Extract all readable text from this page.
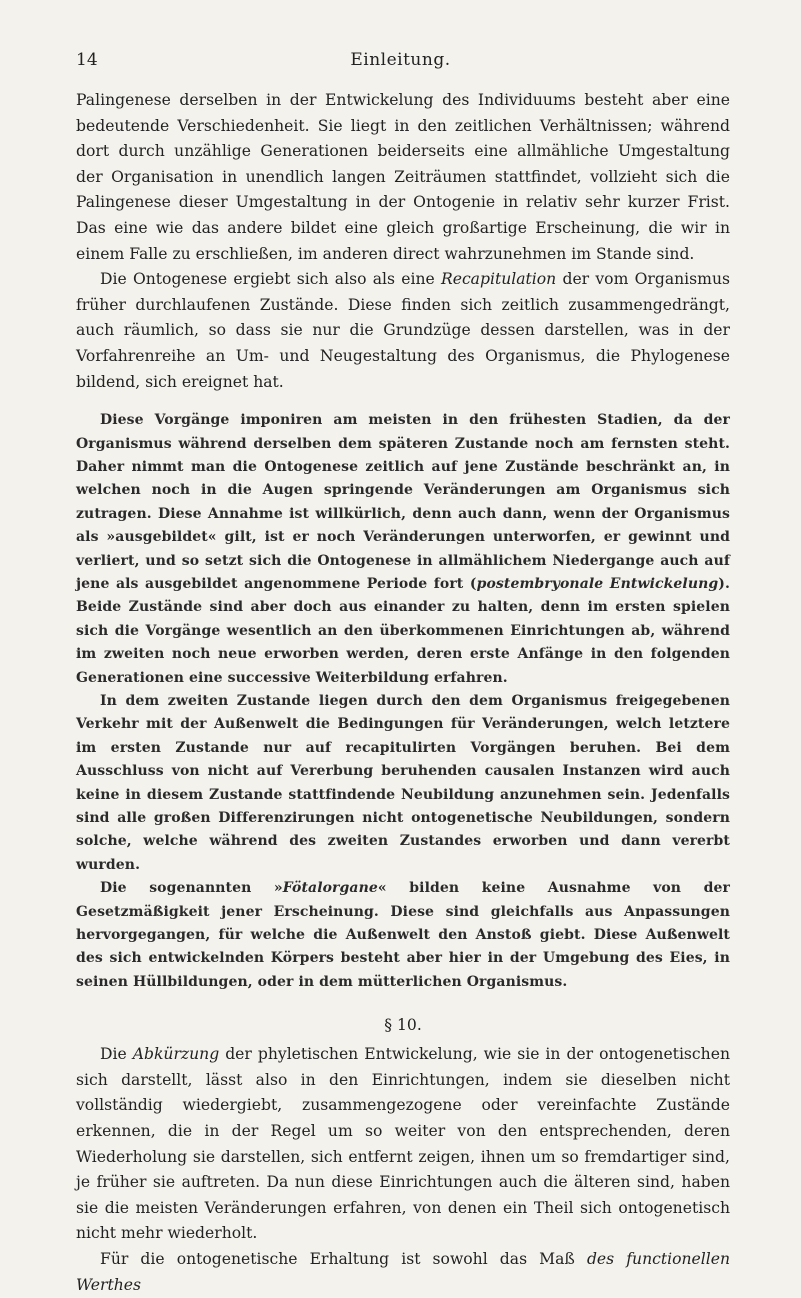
14	Einleitung.

Palingenese derselben in der Entwickelung des Individuums besteht aber eine bedeutende Verschiedenheit. Sie liegt in den zeitlichen Verhältnissen; während dort durch unzählige Generationen beiderseits eine allmähliche Umgestaltung der Organisation in unendlich langen Zeiträumen stattfindet, vollzieht sich die Palingenese dieser Umgestaltung in der Ontogenie in relativ sehr kurzer Frist. Das eine wie das andere bildet eine gleich großartige Erscheinung, die wir in einem Falle zu erschließen, im anderen direct wahrzunehmen im Stande sind.

Die Ontogenese ergiebt sich also als eine Recapitulation der vom Organismus früher durchlaufenen Zustände. Diese finden sich zeitlich zusammengedrängt, auch räumlich, so dass sie nur die Grundzüge dessen darstellen, was in der Vorfahrenreihe an Um- und Neugestaltung des Organismus, die Phylogenese bildend, sich ereignet hat.

Diese Vorgänge imponiren am meisten in den frühesten Stadien, da der Organismus während derselben dem späteren Zustande noch am fernsten steht. Daher nimmt man die Ontogenese zeitlich auf jene Zustände beschränkt an, in welchen noch in die Augen springende Veränderungen am Organismus sich zutragen. Diese Annahme ist willkürlich, denn auch dann, wenn der Organismus als »ausgebildet« gilt, ist er noch Veränderungen unterworfen, er gewinnt und verliert, und so setzt sich die Ontogenese in allmählichem Niedergange auch auf jene als ausgebildet angenommene Periode fort (postembryonale Entwickelung). Beide Zustände sind aber doch aus einander zu halten, denn im ersten spielen sich die Vorgänge wesentlich an den überkommenen Einrichtungen ab, während im zweiten noch neue erworben werden, deren erste Anfänge in den folgenden Generationen eine successive Weiterbildung erfahren.

In dem zweiten Zustande liegen durch den dem Organismus freigegebenen Verkehr mit der Außenwelt die Bedingungen für Veränderungen, welch letztere im ersten Zustande nur auf recapitulirten Vorgängen beruhen. Bei dem Ausschluss von nicht auf Vererbung beruhenden causalen Instanzen wird auch keine in diesem Zustande stattfindende Neubildung anzunehmen sein. Jedenfalls sind alle großen Differenzirungen nicht ontogenetische Neubildungen, sondern solche, welche während des zweiten Zustandes erworben und dann vererbt wurden.

Die sogenannten »Fötalorgane« bilden keine Ausnahme von der Gesetzmäßigkeit jener Erscheinung. Diese sind gleichfalls aus Anpassungen hervorgegangen, für welche die Außenwelt den Anstoß giebt. Diese Außenwelt des sich entwickelnden Körpers besteht aber hier in der Umgebung des Eies, in seinen Hüllbildungen, oder in dem mütterlichen Organismus.

§ 10.

Die Abkürzung der phyletischen Entwickelung, wie sie in der ontogenetischen sich darstellt, lässt also in den Einrichtungen, indem sie dieselben nicht vollständig wiedergiebt, zusammengezogene oder vereinfachte Zustände erkennen, die in der Regel um so weiter von den entsprechenden, deren Wiederholung sie darstellen, sich entfernt zeigen, ihnen um so fremdartiger sind, je früher sie auftreten. Da nun diese Einrichtungen auch die älteren sind, haben sie die meisten Veränderungen erfahren, von denen ein Theil sich ontogenetisch nicht mehr wiederholt.

Für die ontogenetische Erhaltung ist sowohl das Maß des functionellen Werthes
